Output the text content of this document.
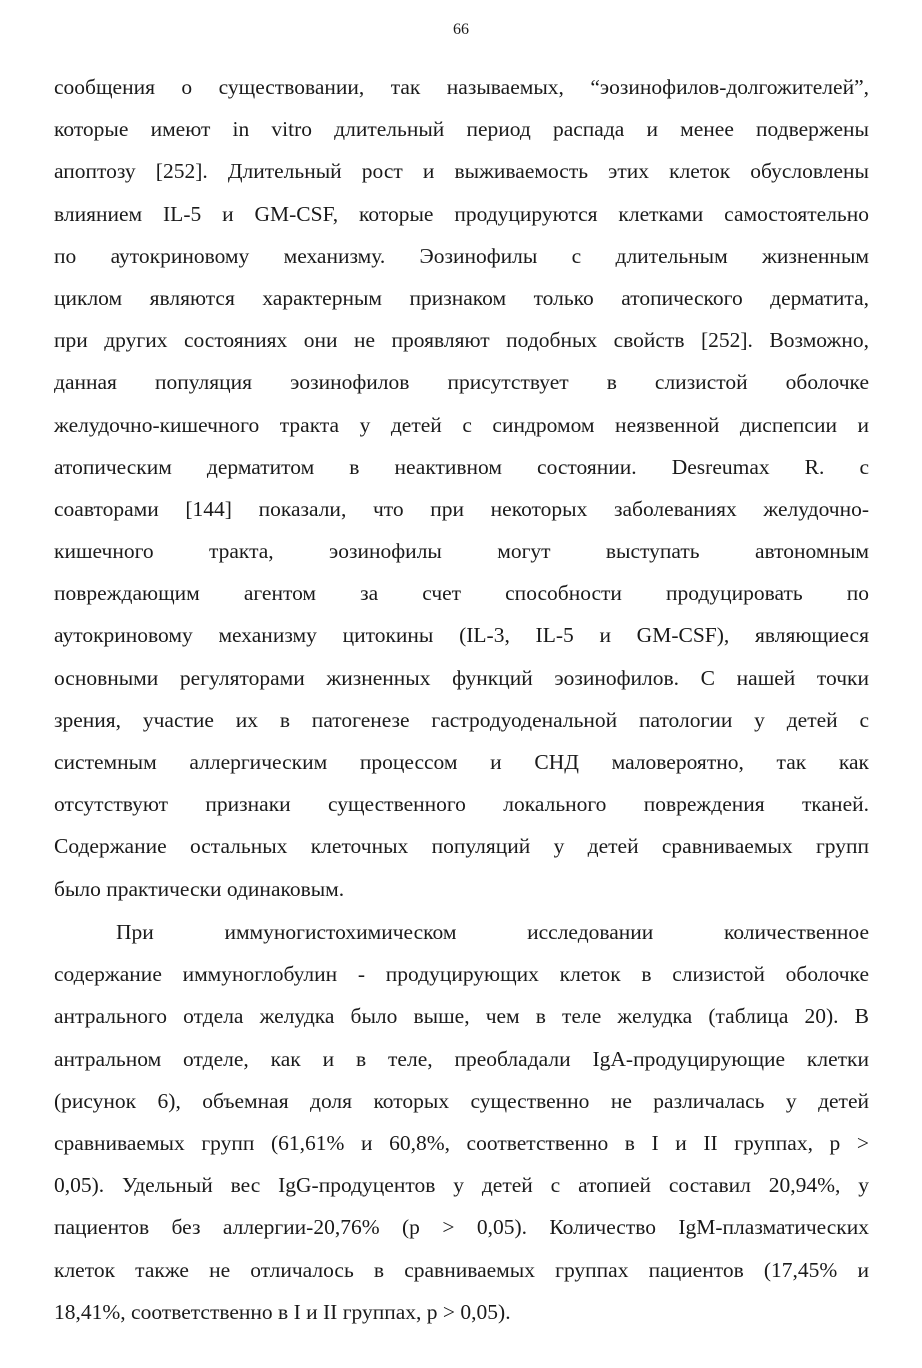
66
сообщения о существовании, так называемых, “эозинофилов-долгожителей”,
которые имеют in vitro длительный период распада и менее подвержены
апоптозу [252]. Длительный рост и выживаемость этих клеток обусловлены
влиянием IL-5 и GM-CSF, которые продуцируются клетками самостоятельно
по аутокриновому механизму. Эозинофилы с длительным жизненным
циклом являются характерным признаком только атопического дерматита,
при других состояниях они не проявляют подобных свойств [252]. Возможно,
данная популяция эозинофилов присутствует в слизистой оболочке
желудочно-кишечного тракта у детей с синдромом неязвенной диспепсии и
атопическим дерматитом в неактивном состоянии. Desreumax R. с
соавторами [144] показали, что при некоторых заболеваниях желудочно-
кишечного тракта, эозинофилы могут выступать автономным
повреждающим агентом за счет способности продуцировать по
аутокриновому механизму цитокины (IL-3, IL-5 и GM-CSF), являющиеся
основными регуляторами жизненных функций эозинофилов. С нашей точки
зрения, участие их в патогенезе гастродуоденальной патологии у детей с
системным аллергическим процессом и СНД маловероятно, так как
отсутствуют признаки существенного локального повреждения тканей.
Содержание остальных клеточных популяций у детей сравниваемых групп
было практически одинаковым.
При иммуногистохимическом исследовании количественное
содержание иммуноглобулин - продуцирующих клеток в слизистой оболочке
антрального отдела желудка было выше, чем в теле желудка (таблица 20). В
антральном отделе, как и в теле, преобладали IgA-продуцирующие клетки
(рисунок 6), объемная доля которых существенно не различалась у детей
сравниваемых групп (61,61% и 60,8%, соответственно в I и II группах, р >
0,05). Удельный вес IgG-продуцентов у детей с атопией составил 20,94%, у
пациентов без аллергии-20,76% (р > 0,05). Количество IgM-плазматических
клеток также не отличалось в сравниваемых группах пациентов (17,45% и
18,41%, соответственно в I и II группах, р > 0,05).
